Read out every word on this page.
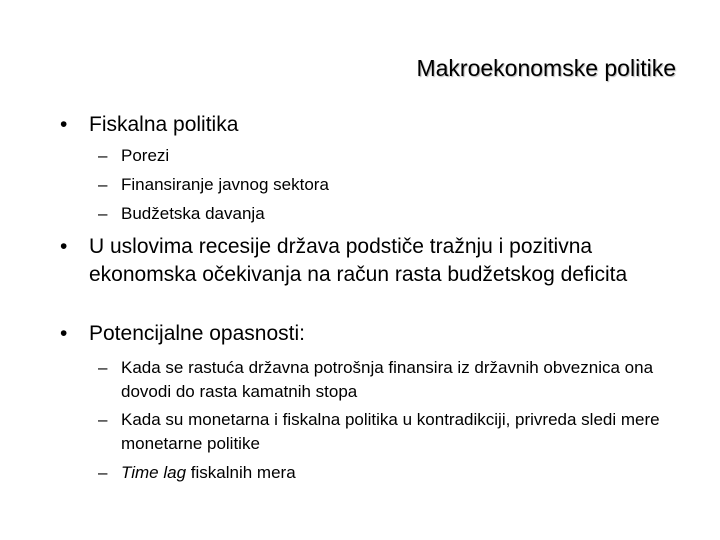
Makroekonomske politike
• Fiskalna politika
– Porezi
– Finansiranje javnog sektora
– Budžetska davanja
• U uslovima recesije država podstiče tražnju i pozitivna ekonomska očekivanja na račun rasta budžetskog deficita
• Potencijalne opasnosti:
– Kada se rastuća državna potrošnja finansira iz državnih obveznica ona dovodi do rasta kamatnih stopa
– Kada su monetarna i fiskalna politika u kontradikciji, privreda sledi mere monetarne politike
– Time lag fiskalnih mera
